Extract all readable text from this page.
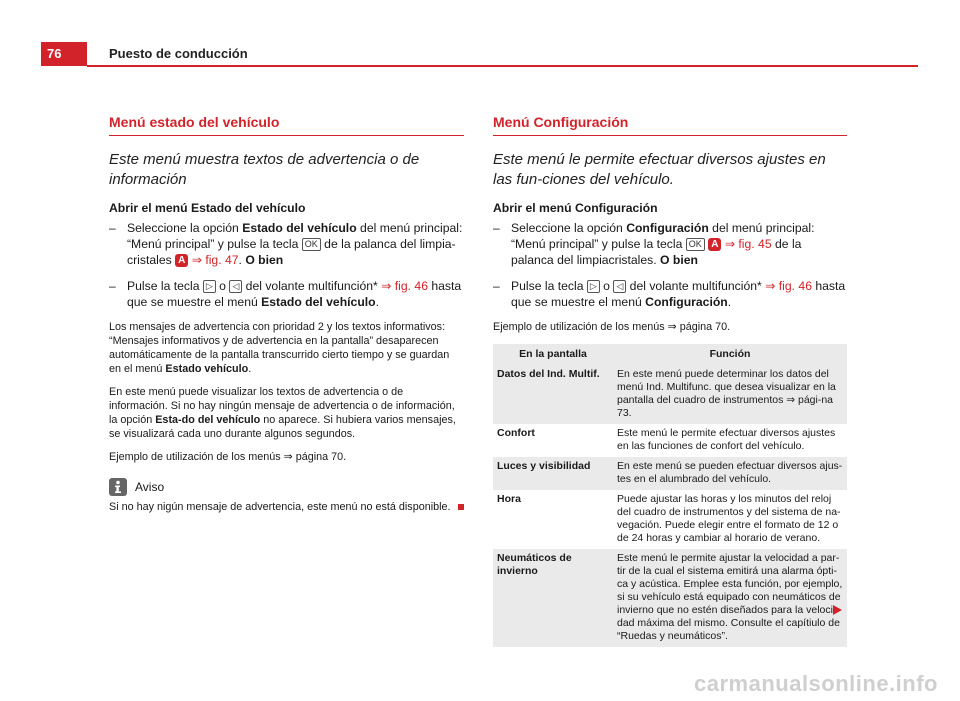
76	Puesto de conducción
Menú estado del vehículo
Este menú muestra textos de advertencia o de información
Abrir el menú Estado del vehículo
– Seleccione la opción Estado del vehículo del menú principal: “Menú principal” y pulse la tecla OK de la palanca del limpia-cristales A ⇒ fig. 47. O bien
– Pulse la tecla ▷ o ◁ del volante multifunción* ⇒ fig. 46 hasta que se muestre el menú Estado del vehículo.
Los mensajes de advertencia con prioridad 2 y los textos informativos: “Mensajes informativos y de advertencia en la pantalla” desaparecen automáticamente de la pantalla transcurrido cierto tiempo y se guardan en el menú Estado vehículo.
En este menú puede visualizar los textos de advertencia o de información. Si no hay ningún mensaje de advertencia o de información, la opción Esta-do del vehículo no aparece. Si hubiera varios mensajes, se visualizará cada uno durante algunos segundos.
Ejemplo de utilización de los menús ⇒ página 70.
Aviso
Si no hay nigún mensaje de advertencia, este menú no está disponible.
Menú Configuración
Este menú le permite efectuar diversos ajustes en las fun-ciones del vehículo.
Abrir el menú Configuración
– Seleccione la opción Configuración del menú principal: “Menú principal” y pulse la tecla OK A ⇒ fig. 45 de la palanca del limpiacristales. O bien
– Pulse la tecla ▷ o ◁ del volante multifunción* ⇒ fig. 46 hasta que se muestre el menú Configuración.
Ejemplo de utilización de los menús ⇒ página 70.
En la pantalla	Función
Datos del Ind. Multif.	En este menú puede determinar los datos del menú Ind. Multifunc. que desea visualizar en la pantalla del cuadro de instrumentos ⇒ pági-na 73.
Confort	Este menú le permite efectuar diversos ajustes en las funciones de confort del vehículo.
Luces y visibilidad	En este menú se pueden efectuar diversos ajus-tes en el alumbrado del vehículo.
Hora	Puede ajustar las horas y los minutos del reloj del cuadro de instrumentos y del sistema de na-vegación. Puede elegir entre el formato de 12 o de 24 horas y cambiar al horario de verano.
Neumáticos de invierno	Este menú le permite ajustar la velocidad a par-tir de la cual el sistema emitirá una alarma ópti-ca y acústica. Emplee esta función, por ejemplo, si su vehículo está equipado con neumáticos de invierno que no estén diseñados para la veloci-dad máxima del mismo. Consulte el capítiulo de “Ruedas y neumáticos”.
carmanualsonline.info
